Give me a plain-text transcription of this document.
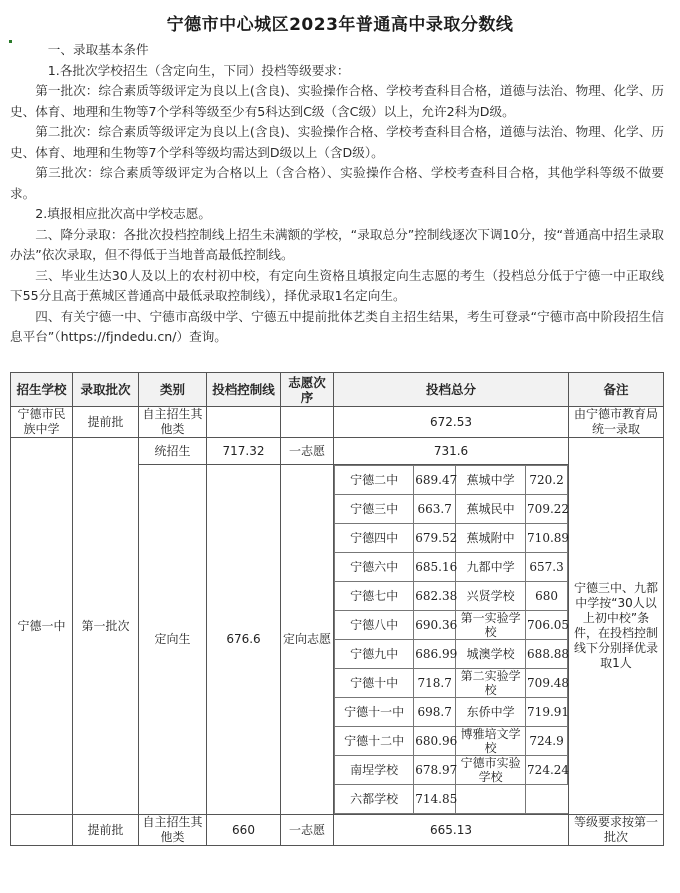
宁德市中心城区2023年普通高中录取分数线

一、录取基本条件

1.各批次学校招生（含定向生，下同）投档等级要求：

第一批次：综合素质等级评定为良以上(含良)、实验操作合格、学校考查科目合格，道德与法治、物理、化学、历史、体育、地理和生物等7个学科等级至少有5科达到C级（含C级）以上，允许2科为D级。

第二批次：综合素质等级评定为良以上(含良)、实验操作合格、学校考查科目合格，道德与法治、物理、化学、历史、体育、地理和生物等7个学科等级均需达到D级以上（含D级）。

第三批次：综合素质等级评定为合格以上（含合格）、实验操作合格、学校考查科目合格，其他学科等级不做要求。

2.填报相应批次高中学校志愿。

二、降分录取：各批次投档控制线上招生未满额的学校，“录取总分”控制线逐次下调10分，按“普通高中招生录取办法”依次录取，但不得低于当地普高最低控制线。

三、毕业生达30人及以上的农村初中校，有定向生资格且填报定向生志愿的考生（投档总分低于宁德一中正取线下55分且高于蕉城区普通高中最低录取控制线），择优录取1名定向生。

四、有关宁德一中、宁德市高级中学、宁德五中提前批体艺类自主招生结果，考生可登录“宁德市高中阶段招生信息平台”（https://fjndedu.cn/）查询。

招生学校	录取批次	类别	投档控制线	志愿次序	投档总分	备注
宁德市民族中学	提前批	自主招生其他类			672.53	由宁德市教育局统一录取
宁德一中	第一批次	统招生	717.32	一志愿	731.6	宁德三中、九都中学按“30人以上初中校”条件，在投档控制线下分别择优录取1人
定向生	676.6	定向志愿	
宁德二中	689.47	蕉城中学	720.2
宁德三中	663.7	蕉城民中	709.22
宁德四中	679.52	蕉城附中	710.89
宁德六中	685.16	九都中学	657.3
宁德七中	682.38	兴贤学校	680
宁德八中	690.36	第一实验学校	706.05
宁德九中	686.99	城澳学校	688.88
宁德十中	718.7	第二实验学校	709.48
宁德十一中	698.7	东侨中学	719.91
宁德十二中	680.96	博雅培文学校	724.9
南埕学校	678.97	宁德市实验学校	724.24
六都学校	714.85		

	提前批	自主招生其他类	660	一志愿	665.13	等级要求按第一批次
